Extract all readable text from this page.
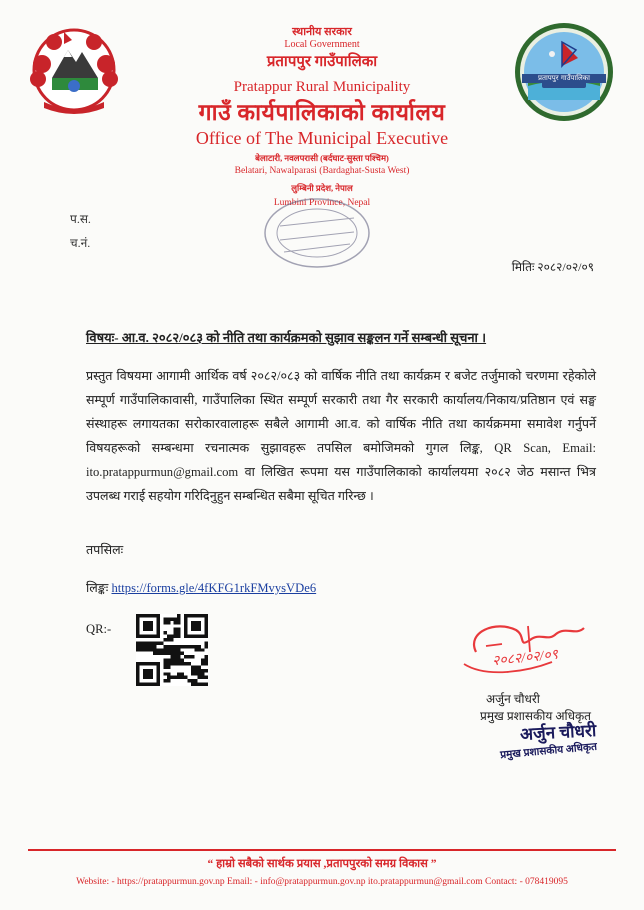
प्रतापपुर गाउँपालिका
स्थानीय सरकार
Local Government
प्रतापपुर गाउँपालिका
Pratappur Rural Municipality
गाउँ कार्यपालिकाको कार्यालय
Office of The Municipal Executive
बेलाटारी, नवलपरासी (बर्दघाट-सुस्ता पश्चिम)
Belatari, Nawalparasi (Bardaghat-Susta West)
लुम्बिनी प्रदेश, नेपाल
Lumbini Province, Nepal
प.स.
च.नं.
मितिः २०८२/०२/०९
विषयः- आ.व. २०८२/०८३ को नीति तथा कार्यक्रमको सुझाव सङ्कलन गर्ने सम्बन्धी सूचना ।
प्रस्तुत विषयमा आगामी आर्थिक वर्ष २०८२/०८३ को वार्षिक नीति तथा कार्यक्रम र बजेट तर्जुमाको चरणमा रहेकोले सम्पूर्ण गाउँपालिकावासी, गाउँपालिका स्थित सम्पूर्ण सरकारी तथा गैर सरकारी कार्यालय/निकाय/प्रतिष्ठान एवं सङ्घ संस्थाहरू लगायतका सरोकारवालाहरू सबैले आगामी आ.व. को वार्षिक नीति तथा कार्यक्रममा समावेश गर्नुपर्ने विषयहरूको सम्बन्धमा रचनात्मक सुझावहरू तपसिल बमोजिमको गुगल लिङ्क, QR Scan, Email: ito.pratappurmun@gmail.com वा लिखित रूपमा यस गाउँपालिकाको कार्यालयमा २०८२ जेठ मसान्त भित्र उपलब्ध गराई सहयोग गरिदिनुहुन सम्बन्धित सबैमा सूचित गरिन्छ ।
तपसिलः
लिङ्कः https://forms.gle/4fKFG1rkFMvysVDe6
QR:-
२०८२/०२/०९
अर्जुन चौधरी
प्रमुख प्रशासकीय अधिकृत
अर्जुन चौधरी
प्रमुख प्रशासकीय अधिकृत
“ हाम्रो सबैको सार्थक प्रयास ,प्रतापपुरको समग्र विकास ”
Website: - https://pratappurmun.gov.np Email: - info@pratappurmun.gov.np ito.pratappurmun@gmail.com Contact: - 078419095
